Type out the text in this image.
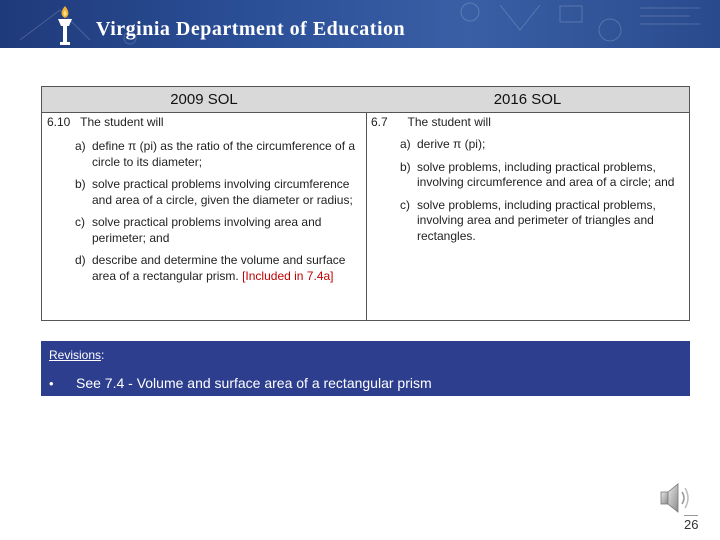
Virginia Department of Education
2009 SOL
6.10 The student will
a) define π (pi) as the ratio of the circumference of a circle to its diameter;
b) solve practical problems involving circumference and area of a circle, given the diameter or radius;
c) solve practical problems involving area and perimeter; and
d) describe and determine the volume and surface area of a rectangular prism. [Included in 7.4a]
2016 SOL
6.7 The student will
a) derive π (pi);
b) solve problems, including practical problems, involving circumference and area of a circle; and
c) solve problems, including practical problems, involving area and perimeter of triangles and rectangles.
Revisions:
• See 7.4 - Volume and surface area of a rectangular prism
26
